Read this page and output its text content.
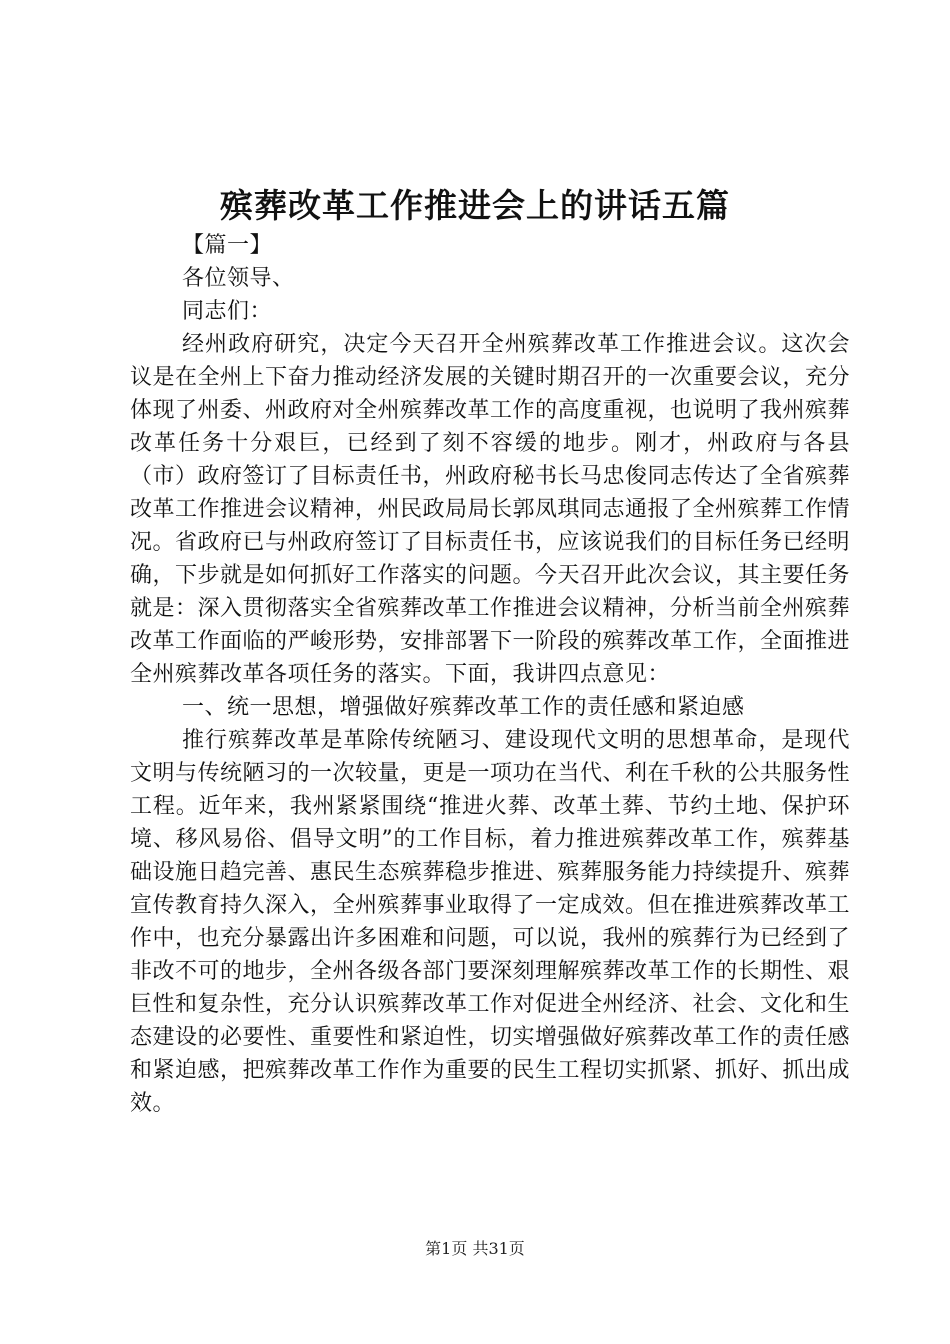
殡葬改革工作推进会上的讲话五篇

【篇一】

各位领导、

同志们：

经州政府研究，决定今天召开全州殡葬改革工作推进会议。这次会议是在全州上下奋力推动经济发展的关键时期召开的一次重要会议，充分体现了州委、州政府对全州殡葬改革工作的高度重视，也说明了我州殡葬改革任务十分艰巨，已经到了刻不容缓的地步。刚才，州政府与各县（市）政府签订了目标责任书，州政府秘书长马忠俊同志传达了全省殡葬改革工作推进会议精神，州民政局局长郭凤琪同志通报了全州殡葬工作情况。省政府已与州政府签订了目标责任书，应该说我们的目标任务已经明确，下步就是如何抓好工作落实的问题。今天召开此次会议，其主要任务就是：深入贯彻落实全省殡葬改革工作推进会议精神，分析当前全州殡葬改革工作面临的严峻形势，安排部署下一阶段的殡葬改革工作，全面推进全州殡葬改革各项任务的落实。下面，我讲四点意见：

一、统一思想，增强做好殡葬改革工作的责任感和紧迫感

推行殡葬改革是革除传统陋习、建设现代文明的思想革命，是现代文明与传统陋习的一次较量，更是一项功在当代、利在千秋的公共服务性工程。近年来，我州紧紧围绕“推进火葬、改革土葬、节约土地、保护环境、移风易俗、倡导文明”的工作目标，着力推进殡葬改革工作，殡葬基础设施日趋完善、惠民生态殡葬稳步推进、殡葬服务能力持续提升、殡葬宣传教育持久深入，全州殡葬事业取得了一定成效。但在推进殡葬改革工作中，也充分暴露出许多困难和问题，可以说，我州的殡葬行为已经到了非改不可的地步，全州各级各部门要深刻理解殡葬改革工作的长期性、艰巨性和复杂性，充分认识殡葬改革工作对促进全州经济、社会、文化和生态建设的必要性、重要性和紧迫性，切实增强做好殡葬改革工作的责任感和紧迫感，把殡葬改革工作作为重要的民生工程切实抓紧、抓好、抓出成效。

第1页 共31页
